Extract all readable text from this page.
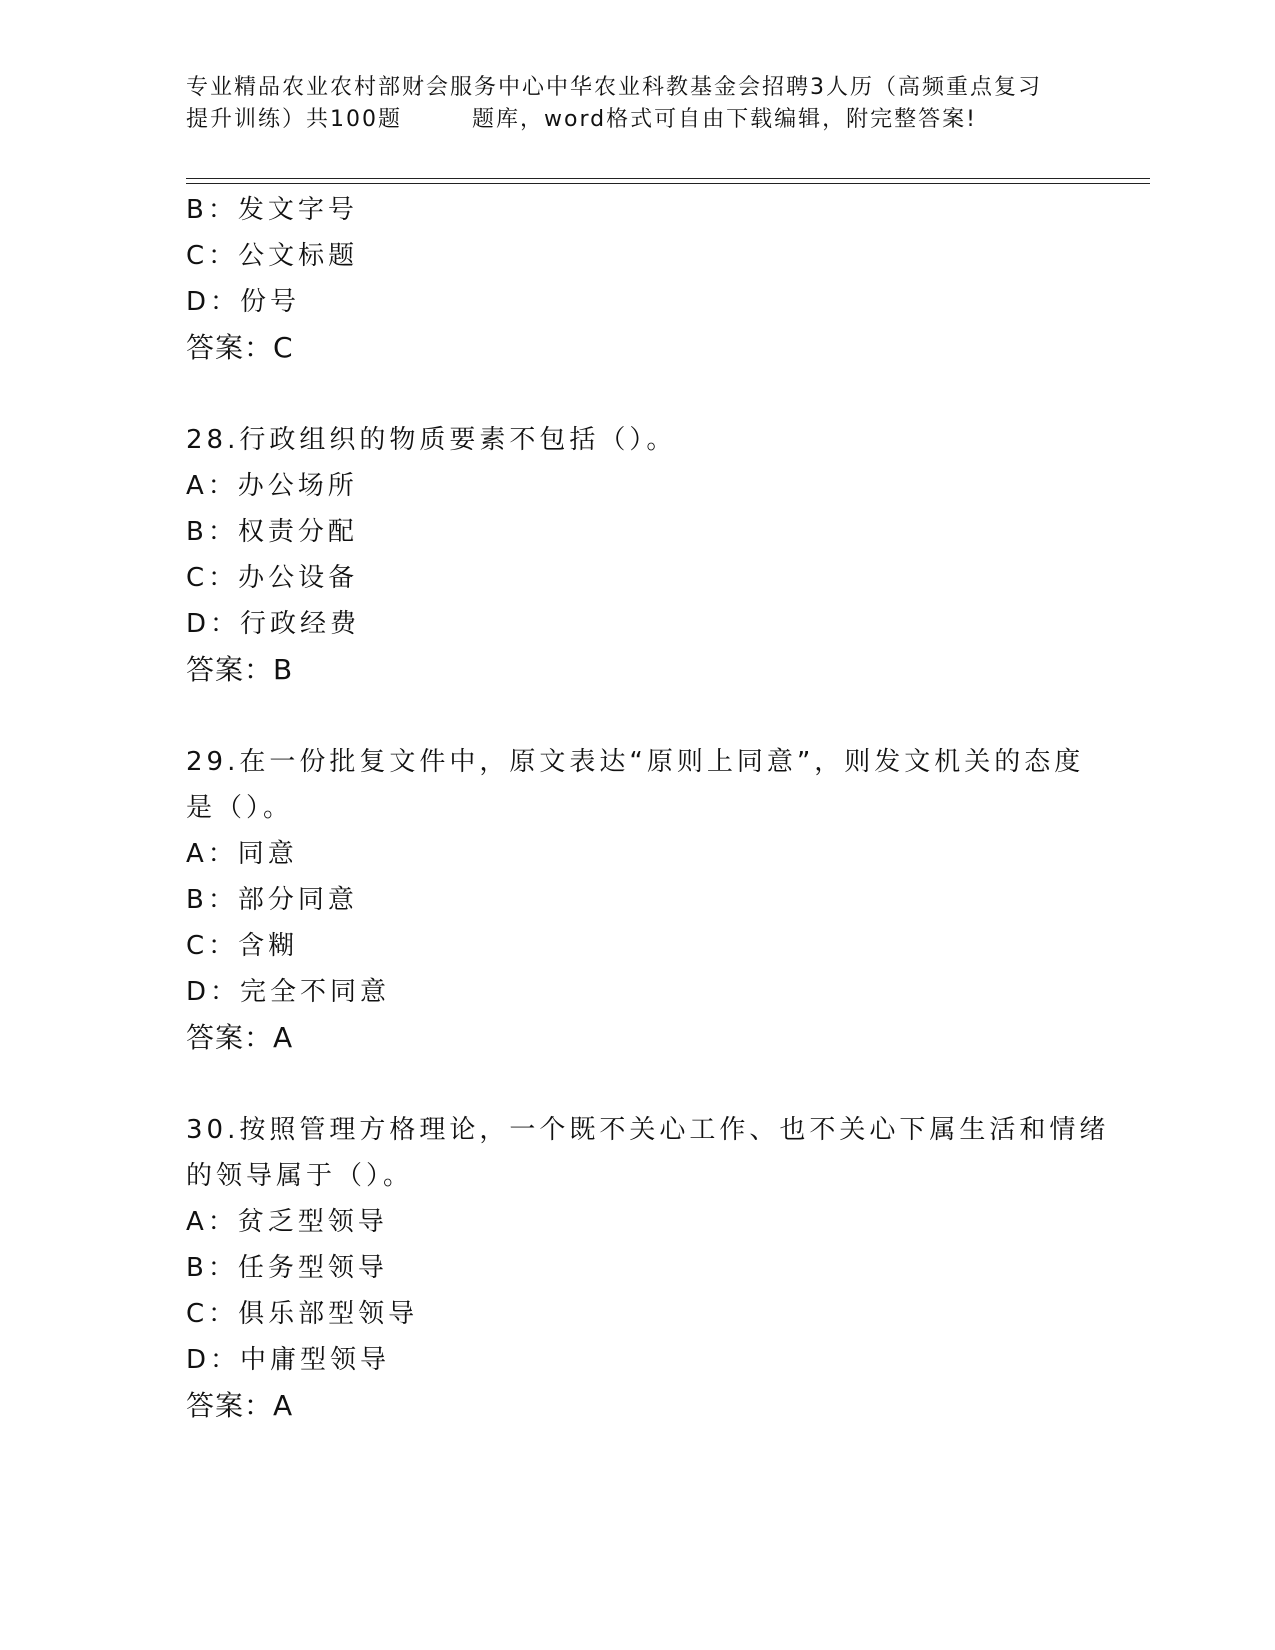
专业精品农业农村部财会服务中心中华农业科教基金会招聘3人历（高频重点复习
提升训练）共100题	题库，word格式可自由下载编辑，附完整答案!
B：发文字号
C：公文标题
D：份号
答案：C
28.行政组织的物质要素不包括（）。
A：办公场所
B：权责分配
C：办公设备
D：行政经费
答案：B
29.在一份批复文件中，原文表达“原则上同意”，则发文机关的态度
是（）。
A：同意
B：部分同意
C：含糊
D：完全不同意
答案：A
30.按照管理方格理论，一个既不关心工作、也不关心下属生活和情绪
的领导属于（）。
A：贫乏型领导
B：任务型领导
C：俱乐部型领导
D：中庸型领导
答案：A
